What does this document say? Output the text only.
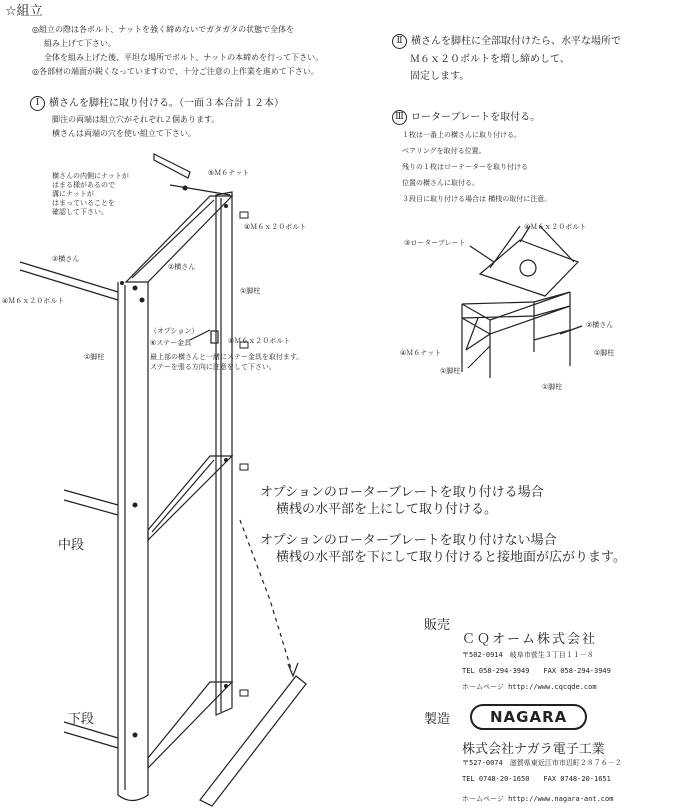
☆組立
◎組立の際は各ボルト、ナットを強く締めないでガタガタの状態で全体を
組み上げて下さい。
全体を組み上げた後、平坦な場所でボルト、ナットの本締めを行って下さい。
◎各部材の端面が鋭くなっていますので、十分ご注意の上作業を進めて下さい。
Ⅰ 横さんを脚柱に取り付ける。（一面３本合計１２本）
脚注の両端は組立穴がそれぞれ２個あります。
横さんは両端の穴を使い組立て下さい。
Ⅱ 横さんを脚柱に全部取付けたら、水平な場所で
Ｍ６ｘ２０ボルトを増し締めして、
固定します。
Ⅲ ローターブレートを取付る。
１枚は一番上の横さんに取り付ける。
ベアリングを取付る位置。
残りの１枚はローテーターを取り付ける
位置の横さんに取付る。
３段目に取り付ける場合は 横桟の取付に注意。
横さんの内側にナットが
はまる様があるので
溝にナットが
はまっていることを
確認して下さい。
⑤Ｍ６ナット
④Ｍ６ｘ２０ボルト
②横さん
②横さん
①脚柱
④Ｍ６ｘ２０ボルト
①脚柱
（オプション）
⑥ステー金具	④Ｍ６ｘ２０ボルト
最上部の横さんと一緒にステー金具を取付ます。
ステーを張る方向に注意をして下さい。
中段
下段
④Ｍ６ｘ２０ボルト
③ローターブレート
②横さん
④Ｍ６ナット	①脚柱
①脚柱
①脚柱
オプションのローターブレートを取り付ける場合
横桟の水平部を上にして取り付ける。
オプションのローターブレートを取り付けない場合
横桟の水平部を下にして取り付けると接地面が広がります。
販売
ＣＱオーム株式会社
〒502-0914　岐阜市菅生３丁目１１－８
TEL 058-294-3949　　FAX 058-294-3949
ホームページ http://www.cqcqde.com
製造	NAGARA
株式会社ナガラ電子工業
〒527-0074　滋賀県東近江市市辺町２８７６－２
TEL 0748-20-1650　　FAX 0748-20-1651
ホームページ http://www.nagara-ant.com
